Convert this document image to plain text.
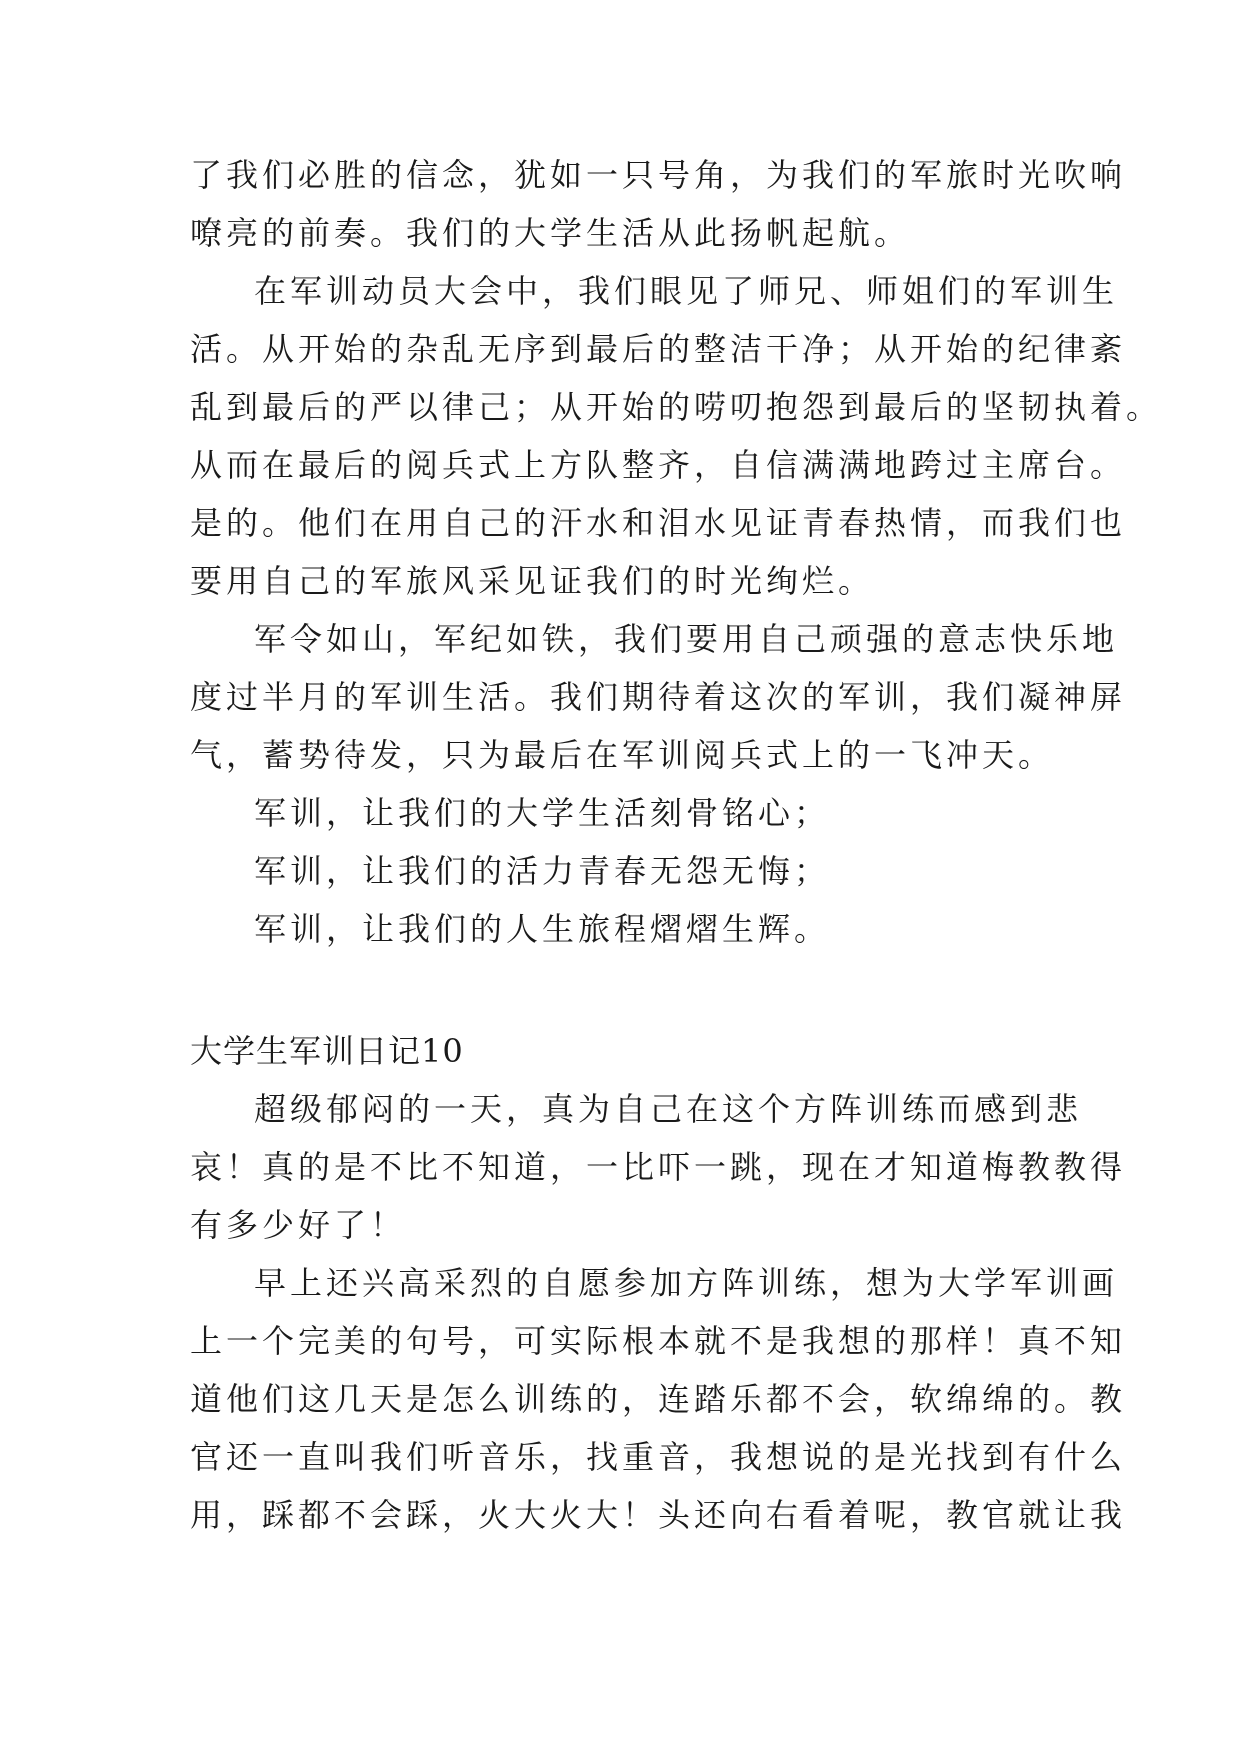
了我们必胜的信念，犹如一只号角，为我们的军旅时光吹响
嘹亮的前奏。我们的大学生活从此扬帆起航。
在军训动员大会中，我们眼见了师兄、师姐们的军训生
活。从开始的杂乱无序到最后的整洁干净；从开始的纪律紊
乱到最后的严以律己；从开始的唠叨抱怨到最后的坚韧执着。
从而在最后的阅兵式上方队整齐，自信满满地跨过主席台。
是的。他们在用自己的汗水和泪水见证青春热情，而我们也
要用自己的军旅风采见证我们的时光绚烂。
军令如山，军纪如铁，我们要用自己顽强的意志快乐地
度过半月的军训生活。我们期待着这次的军训，我们凝神屏
气，蓄势待发，只为最后在军训阅兵式上的一飞冲天。
军训，让我们的大学生活刻骨铭心；
军训，让我们的活力青春无怨无悔；
军训，让我们的人生旅程熠熠生辉。
大学生军训日记10
超级郁闷的一天，真为自己在这个方阵训练而感到悲
哀！真的是不比不知道，一比吓一跳，现在才知道梅教教得
有多少好了！
早上还兴高采烈的自愿参加方阵训练，想为大学军训画
上一个完美的句号，可实际根本就不是我想的那样！真不知
道他们这几天是怎么训练的，连踏乐都不会，软绵绵的。教
官还一直叫我们听音乐，找重音，我想说的是光找到有什么
用，踩都不会踩，火大火大！头还向右看着呢，教官就让我
